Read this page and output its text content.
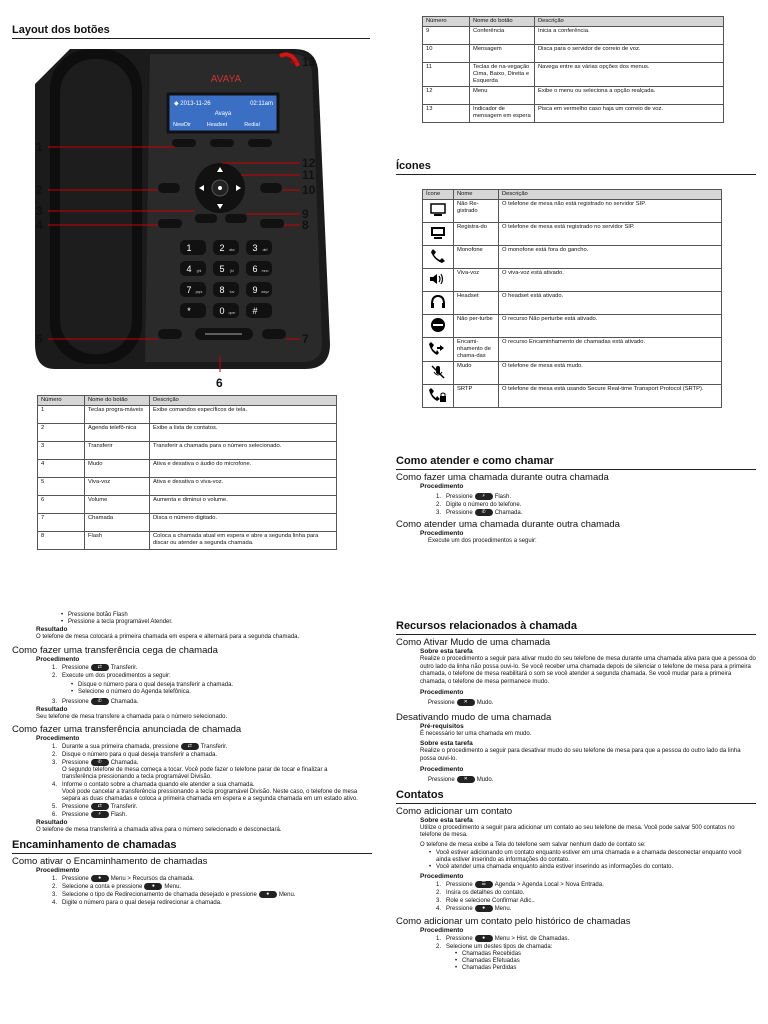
Layout dos botões
AVAYA
◆ 2013-11-26	02:11am
Avaya
NewDir	Headset	Redial
1	2 abc 3 def
4 ghi 5 jkl 6 mno
7 pqrs 8 tuv 9 wxyz
*	0 oper #
1
2
3
4
5
6
7
8
9
10
11
12
13
Número	Nome do botão	Descrição
1	Teclas progra-máveis	Exibe comandos específicos de tela.
2	Agenda telefô-nica	Exibe a lista de contatos.
3	Transferir	Transferir a chamada para o número selecionado.
4	Mudo	Ativa e desativa o áudio do microfone.
5	Viva-voz	Ativa e desativa o viva-voz.
6	Volume	Aumenta e diminui o volume.
7	Chamada	Disca o número digitado.
8	Flash	Coloca a chamada atual em espera e abre a segunda linha para discar ou atender a segunda chamada.
Número	Nome do botão	Descrição
9	Conferência	Inicia a conferência.
10	Mensagem	Disca para o servidor de correio de voz.
11	Teclas de na-vegação Cima, Baixo, Direita e Esquerda	Navega entre as várias opções dos menus.
12	Menu	Exibe o menu ou seleciona a opção realçada.
13	Indicador de mensagem em espera	Pisca em vermelho caso haja um correio de voz.
Ícones
Ícone	Nome	Descrição
	Não Re-gistrado	O telefone de mesa não está registrado no servidor SIP.
	Registra-do	O telefone de mesa está registrado no servidor SIP.
	Monofone	O monofone está fora do gancho.
	Viva-voz	O viva-voz está ativado.
	Headset	O headset está ativado.
	Não per-turbe	O recurso Não perturbe está ativado.
	Encami-nhamento de chama-das	O recurso Encaminhamento de chamadas está ativado.
	Mudo	O telefone de mesa está mudo.
	SRTP	O telefone de mesa está usando Secure Real-time Transport Protocol (SRTP).
Como atender e como chamar

Como fazer uma chamada durante outra chamada

Procedimento

1. Pressione ⚡ Flash.
2. Digite o número do telefone.
3. Pressione ✆ Chamada.

Como atender uma chamada durante outra chamada

Procedimento

Execute um dos procedimentos a seguir:

• Pressione botão Flash
• Pressione a tecla programável Atender.

Resultado

O telefone de mesa colocará a primeira chamada em espera e alternará para a segunda chamada.

Como fazer uma transferência cega de chamada

Procedimento

1. Pressione ⇄ Transferir.
2. Execute um dos procedimentos a seguir:
• Disque o número para o qual deseja transferir a chamada.
• Selecione o número do Agenda telefônica.
3. Pressione ✆ Chamada.

Resultado

Seu telefone de mesa transfere a chamada para o número selecionado.

Como fazer uma transferência anunciada de chamada

Procedimento

1. Durante a sua primeira chamada, pressione ⇄ Transferir.
2. Disque o número para o qual deseja transferir a chamada.
3. Pressione ✆ Chamada.
O segundo telefone de mesa começa a tocar. Você pode fazer o telefone parar de tocar e finalizar a transferência pressionando a tecla programável Divisão.
4. Informe o contato sobre a chamada quando ele atender a sua chamada.
Você pode cancelar a transferência pressionando a tecla programável Divisão. Neste caso, o telefone de mesa separa as duas chamadas e coloca a primeira chamada em espera e a segunda chamada em um estado ativo.
5. Pressione ⇄ Transferir.
6. Pressione ⚡ Flash.

Resultado

O telefone de mesa transferirá a chamada ativa para o número selecionado e desconectará.

Encaminhamento de chamadas

Como ativar o Encaminhamento de chamadas

Procedimento

1. Pressione ● Menu > Recursos da chamada.
2. Selecione a conta e pressione ● Menu.
3. Selecione o tipo de Redirecionamento de chamada desejado e pressione ● Menu.
4. Digite o número para o qual deseja redirecionar a chamada.
Recursos relacionados à chamada

Como Ativar Mudo de uma chamada

Sobre esta tarefa

Realize o procedimento a seguir para ativar mudo do seu telefone de mesa durante uma chamada ativa para que a pessoa do outro lado da linha não possa ouvi-lo. Se você receber uma chamada depois de silenciar o telefone de mesa para a primeira chamada, o telefone de mesa reabilitará o som se você atender a segunda chamada. Se você mudar para a primeira chamada, o telefone de mesa permanece mudo.

Procedimento

Pressione ✕ Mudo.

Desativando mudo de uma chamada

Pré-requisitos

É necessário ter uma chamada em mudo.

Sobre esta tarefa

Realize o procedimento a seguir para desativar mudo do seu telefone de mesa para que a pessoa do outro lado da linha possa ouvi-lo.

Procedimento

Pressione ✕ Mudo.

Contatos

Como adicionar um contato

Sobre esta tarefa

Utilize o procedimento a seguir para adicionar um contato ao seu telefone de mesa. Você pode salvar 500 contatos no telefone de mesa.

O telefone de mesa exibe a Tela do telefone sem salvar nenhum dado de contato se:

• Você estiver adicionando um contato enquanto estiver em uma chamada e a chamada desconectar enquanto você ainda estiver inserindo as informações do contato.
• Você atender uma chamada enquanto ainda estiver inserindo as informações do contato.

Procedimento

1. Pressione ☰ Agenda > Agenda Local > Nova Entrada.
2. Insira os detalhes do contato.
3. Role e selecione Confirmar Adic..
4. Pressione ● Menu.

Como adicionar um contato pelo histórico de chamadas

Procedimento

1. Pressione ● Menu > Hist. de Chamadas.
2. Selecione um destes tipos de chamada:
• Chamadas Recebidas
• Chamadas Efetuadas
• Chamadas Perdidas
